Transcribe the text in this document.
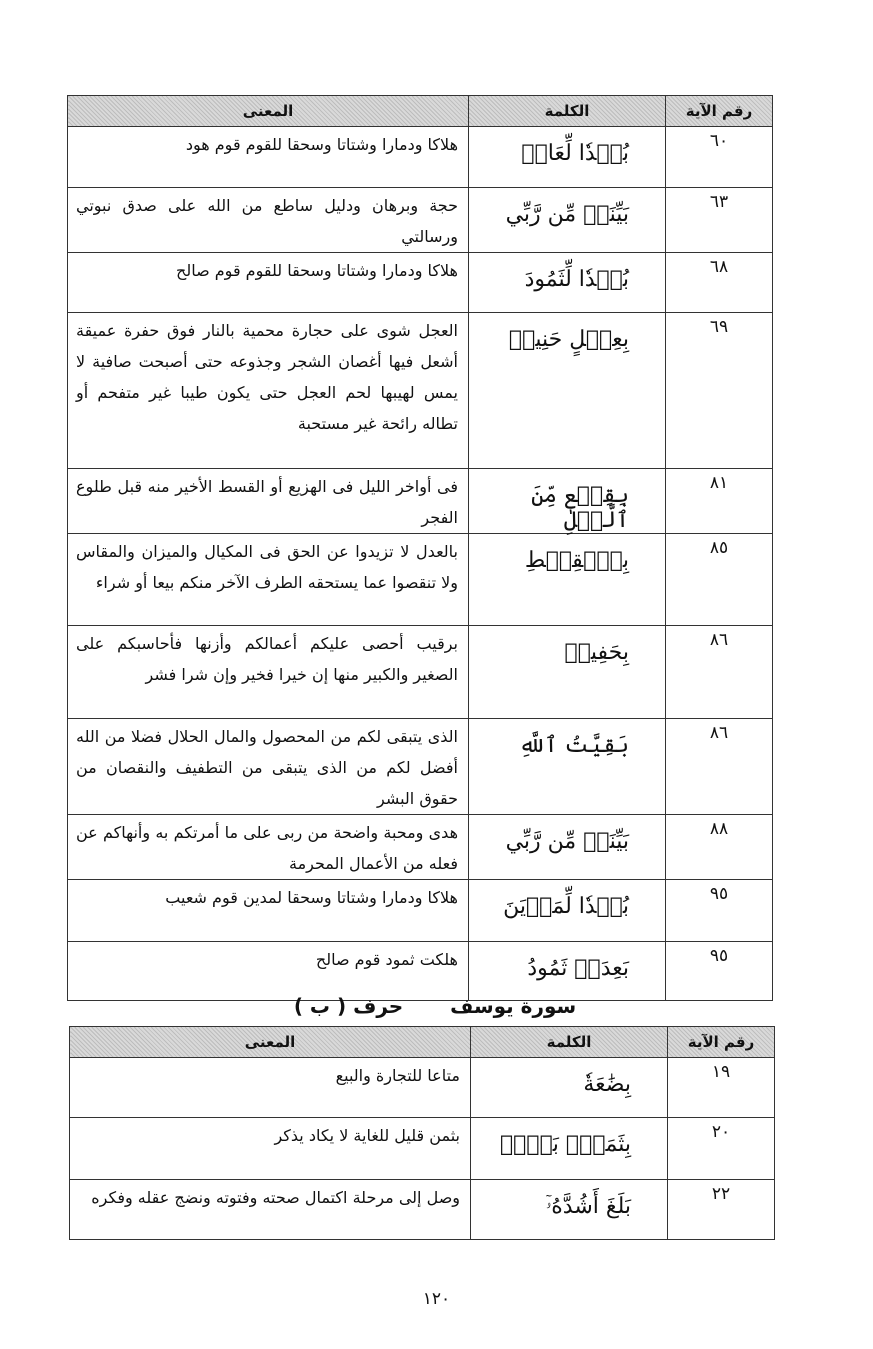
رقم الآية	الكلمة	المعنى
٦٠	بُعۡدٗا لِّعَادٖ	هلاكا ودمارا وشتاتا وسحقا للقوم قوم هود
٦٣	بَيِّنَةٖ مِّن رَّبِّي	حجة وبرهان ودليل ساطع من الله على صدق نبوتي ورسالتي
٦٨	بُعۡدٗا لِّثَمُودَ	هلاكا ودمارا وشتاتا وسحقا للقوم قوم صالح
٦٩	بِعِجۡلٍ حَنِيذٖ	العجل شوى على حجارة محمية بالنار فوق حفرة عميقة أشعل فيها أغصان الشجر وجذوعه حتى أصبحت صافية لا يمس لهيبها لحم العجل حتى يكون طيبا غير متفحم أو تطاله رائحة غير مستحبة
٨١	بِقِطۡعٖ مِّنَ ٱلَّيۡلِ	فى أواخر الليل فى الهزيع أو القسط الأخير منه قبل طلوع الفجر
٨٥	بِٱلۡقِسۡطِ	بالعدل لا تزيدوا عن الحق فى المكيال والميزان والمقاس ولا تنقصوا عما يستحقه الطرف الآخر منكم بيعا أو شراء
٨٦	بِحَفِيظٖ	برقيب أحصى عليكم أعمالكم وأزنها فأحاسبكم على الصغير والكبير منها إن خيرا فخير وإن شرا فشر
٨٦	بَقِيَّتُ ٱللَّهِ	الذى يتبقى لكم من المحصول والمال الحلال فضلا من الله أفضل لكم من الذى يتبقى من التطفيف والنقصان من حقوق البشر
٨٨	بَيِّنَةٖ مِّن رَّبِّي	هدى ومحبة واضحة من ربى على ما أمرتكم به وأنهاكم عن فعله من الأعمال المحرمة
٩٥	بُعۡدٗا لِّمَدۡيَنَ	هلاكا ودمارا وشتاتا وسحقا لمدين قوم شعيب
٩٥	بَعِدَتۡ ثَمُودُ	هلكت ثمود قوم صالح
سورة يوسف حرف ( ب )
رقم الآية	الكلمة	المعنى
١٩	بِضَٰعَةٗ	متاعا للتجارة والبيع
٢٠	بِثَمَنِۭ بَخۡسٖ	بثمن قليل للغاية لا يكاد يذكر
٢٢	بَلَغَ أَشُدَّهُۥٓ	وصل إلى مرحلة اكتمال صحته وفتوته ونضج عقله وفكره
١٢٠
